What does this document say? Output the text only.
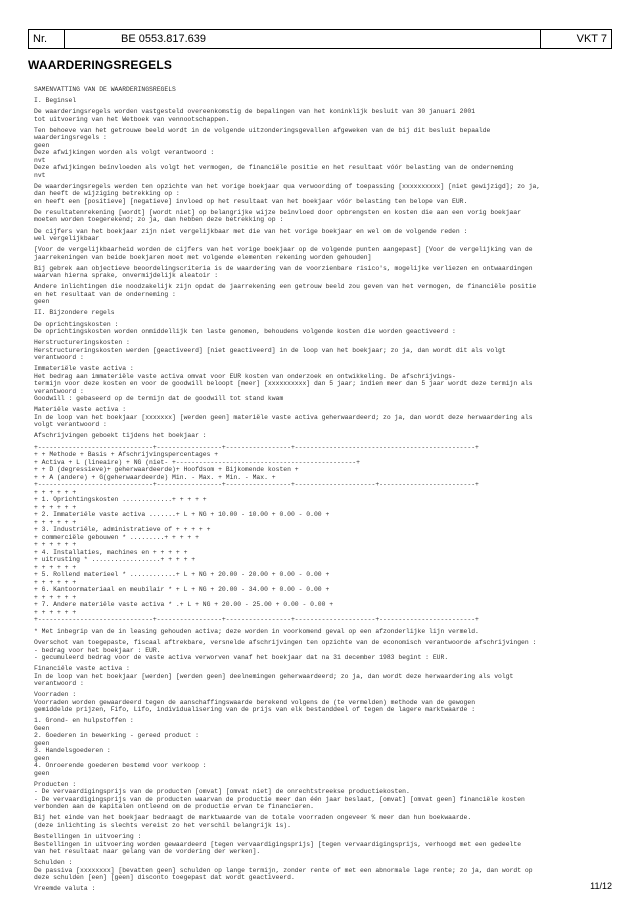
Nr.	BE 0553.817.639	VKT 7
WAARDERINGSREGELS

SAMENVATTING VAN DE WAARDERINGSREGELS

I. Beginsel

De waarderingsregels worden vastgesteld overeenkomstig de bepalingen van het koninklijk besluit van 30 januari 2001
tot uitvoering van het Wetboek van vennootschappen.

Ten behoeve van het getrouwe beeld wordt in de volgende uitzonderingsgevallen afgeweken van de bij dit besluit bepaalde
waarderingsregels :
geen
Deze afwijkingen worden als volgt verantwoord :
nvt
Deze afwijkingen beïnvloeden als volgt het vermogen, de financiële positie en het resultaat vóór belasting van de onderneming
nvt

De waarderingsregels werden ten opzichte van het vorige boekjaar qua verwoording of toepassing [xxxxxxxxxx] [niet gewijzigd]; zo ja,
dan heeft de wijziging betrekking op :
en heeft een [positieve] [negatieve] invloed op het resultaat van het boekjaar vóór belasting ten belope van EUR.

De resultatenrekening [wordt] [wordt niet] op belangrijke wijze beïnvloed door opbrengsten en kosten die aan een vorig boekjaar
moeten worden toegerekend; zo ja, dan hebben deze betrekking op :

De cijfers van het boekjaar zijn niet vergelijkbaar met die van het vorige boekjaar en wel om de volgende reden :
wel vergelijkbaar

[Voor de vergelijkbaarheid worden de cijfers van het vorige boekjaar op de volgende punten aangepast] [Voor de vergelijking van de
jaarrekeningen van beide boekjaren moet met volgende elementen rekening worden gehouden]

Bij gebrek aan objectieve beoordelingscriteria is de waardering van de voorzienbare risico's, mogelijke verliezen en ontwaardingen
waarvan hierna sprake, onvermijdelijk aleatoir :

Andere inlichtingen die noodzakelijk zijn opdat de jaarrekening een getrouw beeld zou geven van het vermogen, de financiële positie
en het resultaat van de onderneming :
geen

II. Bijzondere regels

De oprichtingskosten :
De oprichtingskosten worden onmiddellijk ten laste genomen, behoudens volgende kosten die worden geactiveerd :

Herstructureringskosten :
Herstructureringskosten werden [geactiveerd] [niet geactiveerd] in de loop van het boekjaar; zo ja, dan wordt dit als volgt
verantwoord :

Immateriële vaste activa :
Het bedrag aan immateriële vaste activa omvat voor EUR kosten van onderzoek en ontwikkeling. De afschrijvings-
termijn voor deze kosten en voor de goodwill beloopt [meer] [xxxxxxxxxx] dan 5 jaar; indien meer dan 5 jaar wordt deze termijn als
verantwoord :
Goodwill : gebaseerd op de termijn dat de goodwill tot stand kwam

Materiële vaste activa :
In de loop van het boekjaar [xxxxxxx] [werden geen] materiële vaste activa geherwaardeerd; zo ja, dan wordt deze herwaardering als
volgt verantwoord :

Afschrijvingen geboekt tijdens het boekjaar :

+------------------------------+-----------------+-----------------+-----------------------------------------------+
+ + Methode + Basis + Afschrijvingspercentages +
+ Activa + L (lineaire) + NG (niet- +-----------------------------------------------+
+ + D (degressieve)+ geherwaardeerde)+ Hoofdsom + Bijkomende kosten +
+ + A (andere) + G(geherwaardeerde) Min. - Max. + Min. - Max. +
+------------------------------+-----------------+-----------------+---------------------+-------------------------+
+ + + + + +
+ 1. Oprichtingskosten .............+ + + + +
+ + + + + +
+ 2. Immateriële vaste activa .......+ L + NG + 10.00 - 10.00 + 0.00 - 0.00 +
+ + + + + +
+ 3. Industriële, administratieve of + + + + +
+ commerciële gebouwen * .........+ + + + +
+ + + + + +
+ 4. Installaties, machines en + + + + +
+ uitrusting * ..................+ + + + +
+ + + + + +
+ 5. Rollend materieel * ............+ L + NG + 20.00 - 20.00 + 0.00 - 0.00 +
+ + + + + +
+ 6. Kantoormateriaal en meubilair * + L + NG + 20.00 - 34.00 + 0.00 - 0.00 +
+ + + + + +
+ 7. Andere materiële vaste activa * .+ L + NG + 20.00 - 25.00 + 0.00 - 0.00 +
+ + + + + +
+------------------------------+-----------------+-----------------+---------------------+-------------------------+

* Met inbegrip van de in leasing gehouden activa; deze worden in voorkomend geval op een afzonderlijke lijn vermeld.

Overschot van toegepaste, fiscaal aftrekbare, versnelde afschrijvingen ten opzichte van de economisch verantwoorde afschrijvingen :
- bedrag voor het boekjaar : EUR.
- gecumuleerd bedrag voor de vaste activa verworven vanaf het boekjaar dat na 31 december 1983 begint : EUR.

Financiële vaste activa :
In de loop van het boekjaar [werden] [werden geen] deelnemingen geherwaardeerd; zo ja, dan wordt deze herwaardering als volgt
verantwoord :

Voorraden :
Voorraden worden gewaardeerd tegen de aanschaffingswaarde berekend volgens de (te vermelden) methode van de gewogen
gemiddelde prijzen, Fifo, Lifo, individualisering van de prijs van elk bestanddeel of tegen de lagere marktwaarde :

1. Grond- en hulpstoffen :
Geen
2. Goederen in bewerking - gereed product :
geen
3. Handelsgoederen :
geen
4. Onroerende goederen bestemd voor verkoop :
geen

Producten :
- De vervaardigingsprijs van de producten [omvat] [omvat niet] de onrechtstreekse productiekosten.
- De vervaardigingsprijs van de producten waarvan de productie meer dan één jaar beslaat, [omvat] [omvat geen] financiële kosten
verbonden aan de kapitalen ontleend om de productie ervan te financieren.

Bij het einde van het boekjaar bedraagt de marktwaarde van de totale voorraden ongeveer % meer dan hun boekwaarde.
(deze inlichting is slechts vereist zo het verschil belangrijk is).

Bestellingen in uitvoering :
Bestellingen in uitvoering worden gewaardeerd [tegen vervaardigingsprijs] [tegen vervaardigingsprijs, verhoogd met een gedeelte
van het resultaat naar gelang van de vordering der werken].

Schulden :
De passiva [xxxxxxxx] [bevatten geen] schulden op lange termijn, zonder rente of met een abnormale lage rente; zo ja, dan wordt op
deze schulden [een] [geen] disconto toegepast dat wordt geactiveerd.

Vreemde valuta :	11/12
